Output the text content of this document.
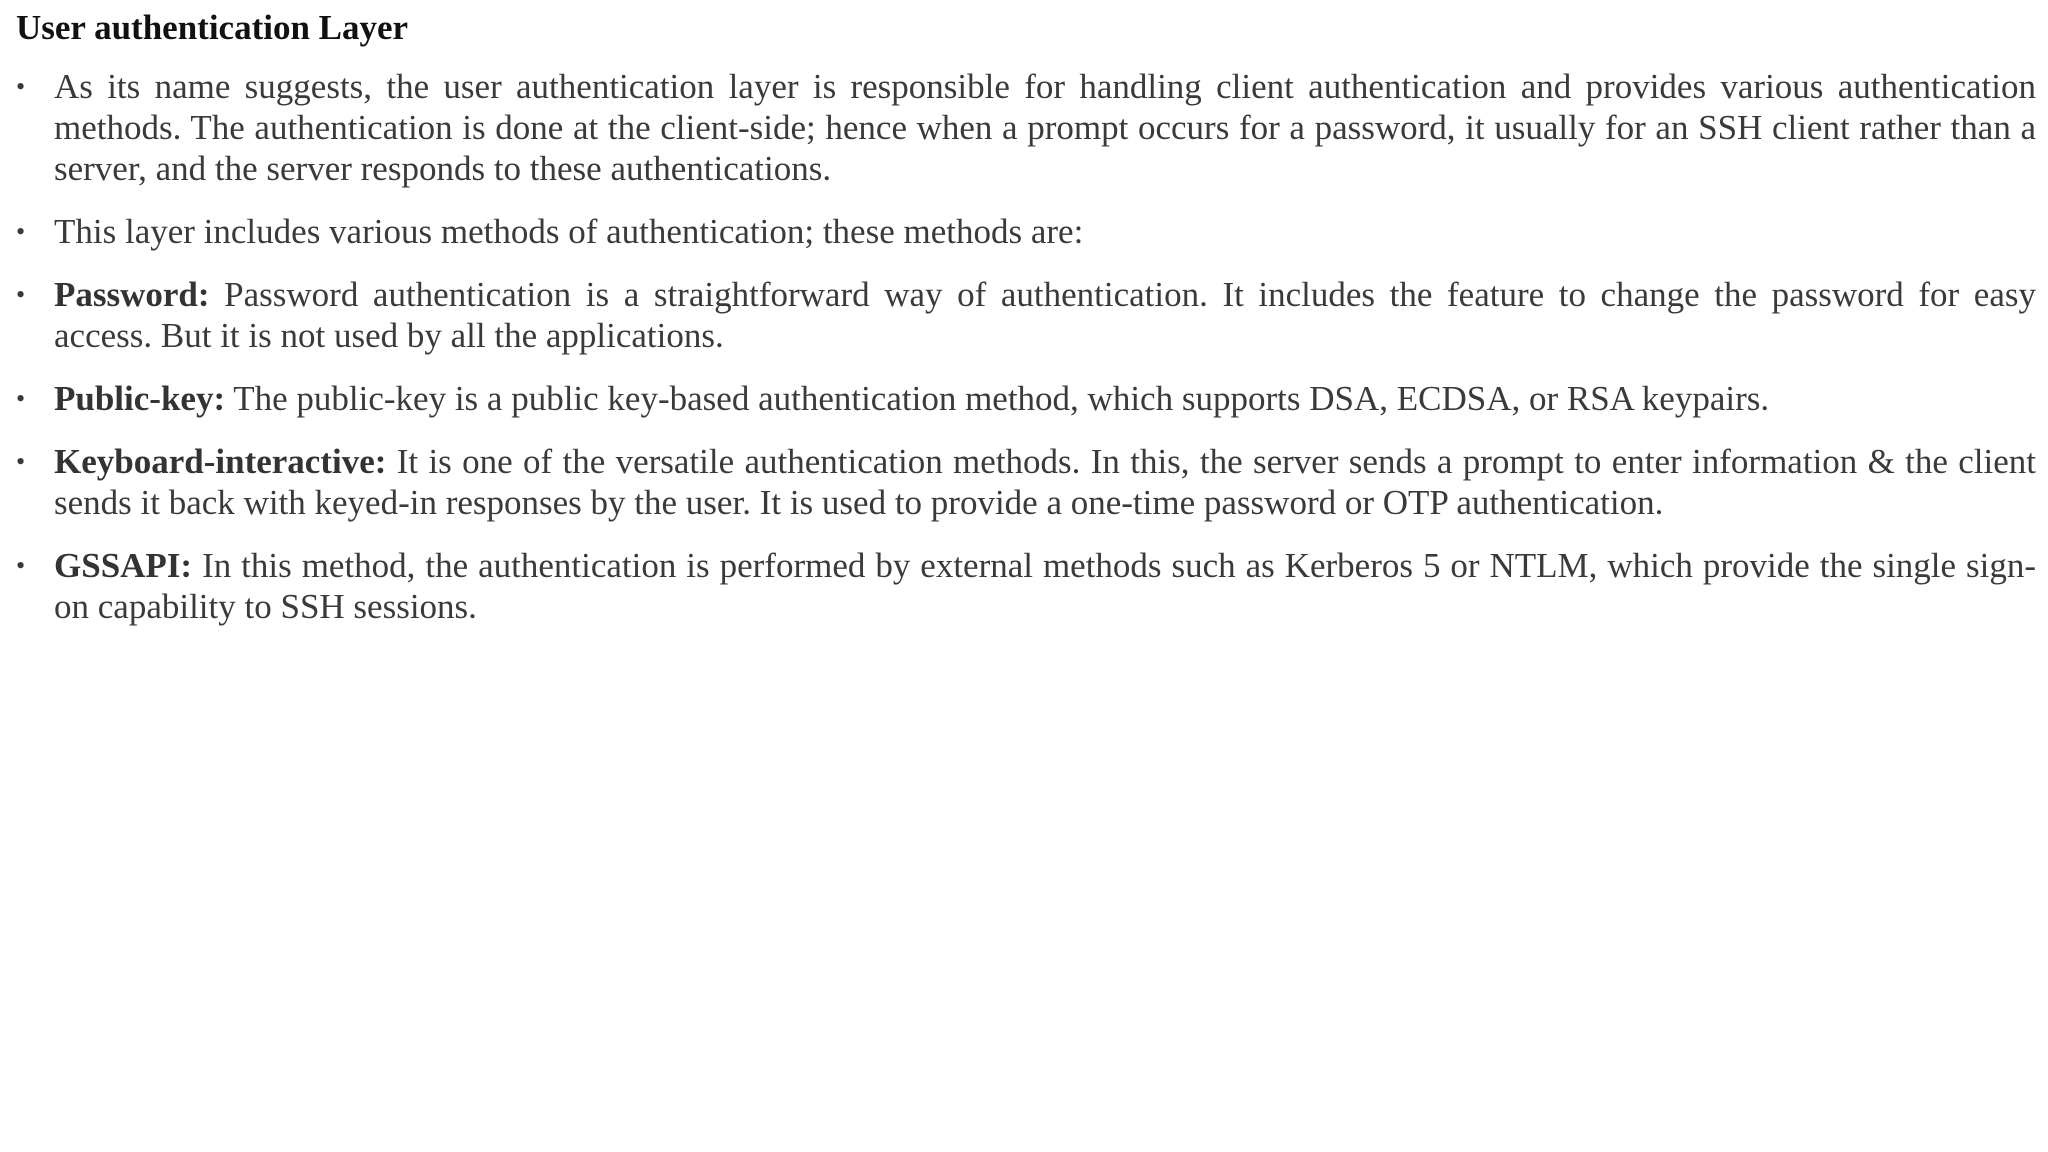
User authentication Layer
• As its name suggests, the user authentication layer is responsible for handling client authentication and provides various authentication methods. The authentication is done at the client-side; hence when a prompt occurs for a password, it usually for an SSH client rather than a server, and the server responds to these authentications.
• This layer includes various methods of authentication; these methods are:
• Password: Password authentication is a straightforward way of authentication. It includes the feature to change the password for easy access. But it is not used by all the applications.
• Public-key: The public-key is a public key-based authentication method, which supports DSA, ECDSA, or RSA keypairs.
• Keyboard-interactive: It is one of the versatile authentication methods. In this, the server sends a prompt to enter information & the client sends it back with keyed-in responses by the user. It is used to provide a one-time password or OTP authentication.
• GSSAPI: In this method, the authentication is performed by external methods such as Kerberos 5 or NTLM, which provide the single sign-on capability to SSH sessions.
